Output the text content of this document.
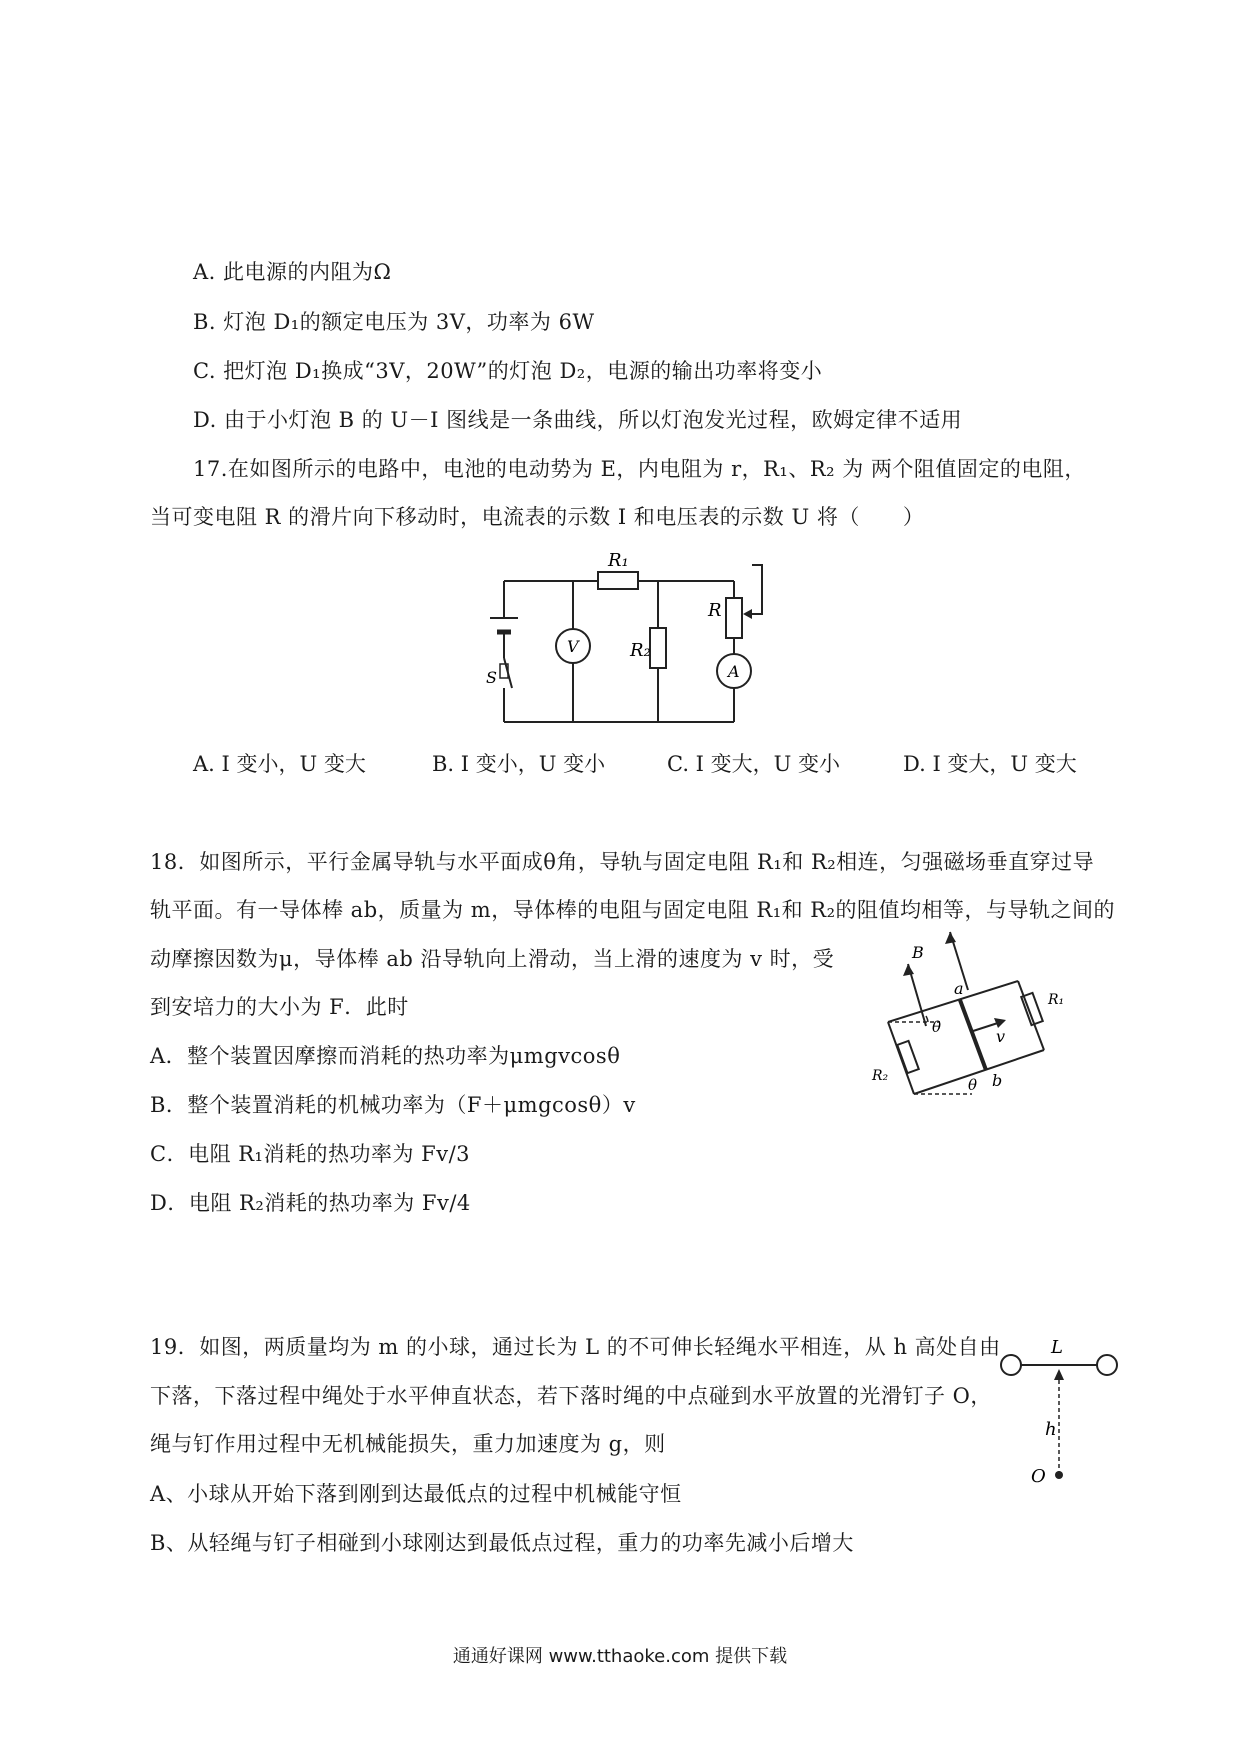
A. 此电源的内阻为Ω
B. 灯泡 D₁的额定电压为 3V，功率为 6W
C. 把灯泡 D₁换成“3V，20W”的灯泡 D₂，电源的输出功率将变小
D. 由于小灯泡 B 的 U－I 图线是一条曲线，所以灯泡发光过程，欧姆定律不适用
17.在如图所示的电路中，电池的电动势为 E，内电阻为 r，R₁、R₂ 为 两个阻值固定的电阻，
当可变电阻 R 的滑片向下移动时，电流表的示数 I 和电压表的示数 U 将（　　）
R₁
R₂
R
S
V
A
A. I 变小，U 变大	B. I 变小，U 变小	C. I 变大，U 变小	D. I 变大，U 变大
18．如图所示，平行金属导轨与水平面成θ角，导轨与固定电阻 R₁和 R₂相连，匀强磁场垂直穿过导
轨平面。有一导体棒 ab，质量为 m，导体棒的电阻与固定电阻 R₁和 R₂的阻值均相等，与导轨之间的
动摩擦因数为μ，导体棒 ab 沿导轨向上滑动，当上滑的速度为 v 时，受
到安培力的大小为 F．此时
B
a
b
θ
θ
v
R₁
R₂
A．整个装置因摩擦而消耗的热功率为μmgvcosθ
B．整个装置消耗的机械功率为（F＋μmgcosθ）v
C．电阻 R₁消耗的热功率为 Fv/3
D．电阻 R₂消耗的热功率为 Fv/4
19．如图，两质量均为 m 的小球，通过长为 L 的不可伸长轻绳水平相连，从 h 高处自由
下落，下落过程中绳处于水平伸直状态，若下落时绳的中点碰到水平放置的光滑钉子 O，
绳与钉作用过程中无机械能损失，重力加速度为 g，则
L
h
O
A、小球从开始下落到刚到达最低点的过程中机械能守恒
B、从轻绳与钉子相碰到小球刚达到最低点过程，重力的功率先减小后增大
通通好课网 www.tthaoke.com 提供下载
